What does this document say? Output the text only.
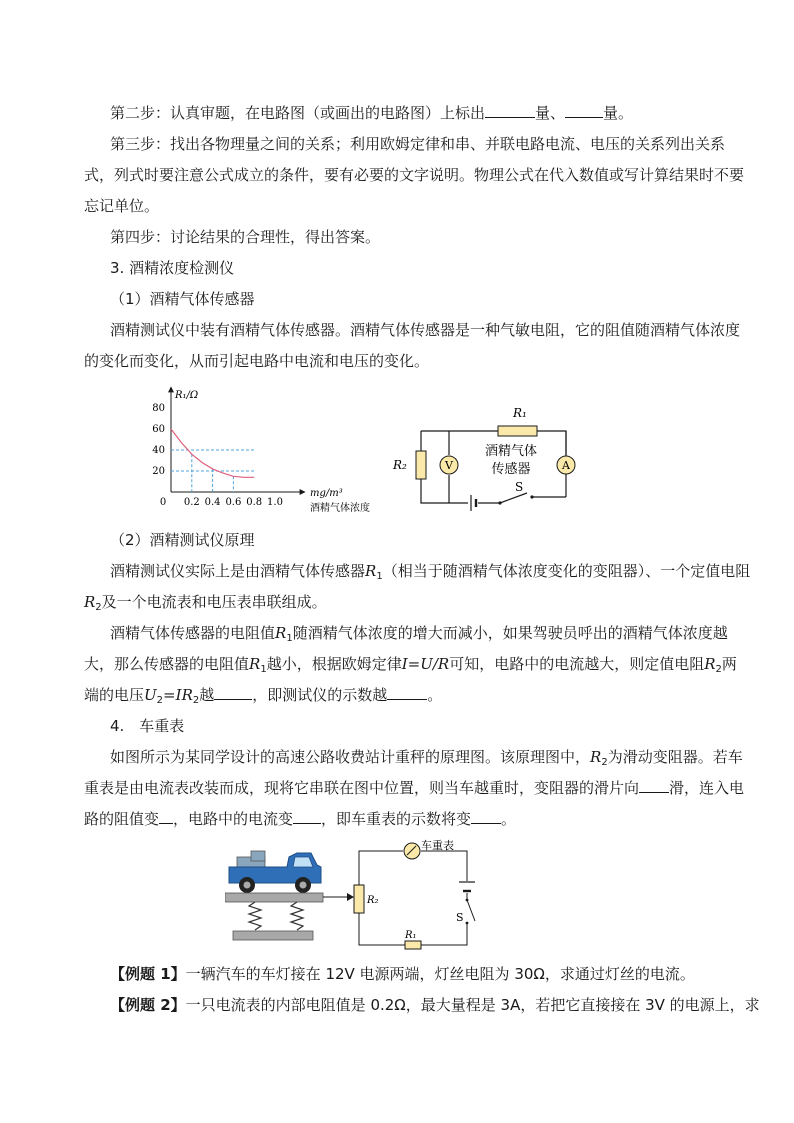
第二步：认真审题，在电路图（或画出的电路图）上标出	量、	量。
第三步：找出各物理量之间的关系；利用欧姆定律和串、并联电路电流、电压的关系列出关系
式，列式时要注意公式成立的条件，要有必要的文字说明。物理公式在代入数值或写计算结果时不要
忘记单位。
第四步：讨论结果的合理性，得出答案。
3. 酒精浓度检测仪
（1）酒精气体传感器
酒精测试仪中装有酒精气体传感器。酒精气体传感器是一种气敏电阻，它的阻值随酒精气体浓度
的变化而变化，从而引起电路中电流和电压的变化。
20
40
60
80
0 0.2 0.4 0.6 0.8 1.0
R₁/Ω
mg/m³
酒精气体浓度
V	A
R₁
R₂
酒精气体
传感器
S
（2）酒精测试仪原理
酒精测试仪实际上是由酒精气体传感器$R_1$（相当于随酒精气体浓度变化的变阻器）、一个定值电阻
$R_2$及一个电流表和电压表串联组成。
酒精气体传感器的电阻值$R_1$随酒精气体浓度的增大而减小，如果驾驶员呼出的酒精气体浓度越
大，那么传感器的电阻值$R_1$越小，根据欧姆定律I=U/R可知，电路中的电流越大，则定值电阻$R_2$两
端的电压$U_2=IR_2$越	，即测试仪的示数越	。
4.　车重表
如图所示为某同学设计的高速公路收费站计重秤的原理图。该原理图中，$R_2$为滑动变阻器。若车
重表是由电流表改装而成，现将它串联在图中位置，则当车越重时，变阻器的滑片向 滑，连入电
路的阻值变 ，电路中的电流变 ，即车重表的示数将变 。
车重表
R₂
S
R₁
【例题 1】一辆汽车的车灯接在 12V 电源两端，灯丝电阻为 30Ω，求通过灯丝的电流。
【例题 2】一只电流表的内部电阻值是 0.2Ω，最大量程是 3A，若把它直接接在 3V 的电源上，求
